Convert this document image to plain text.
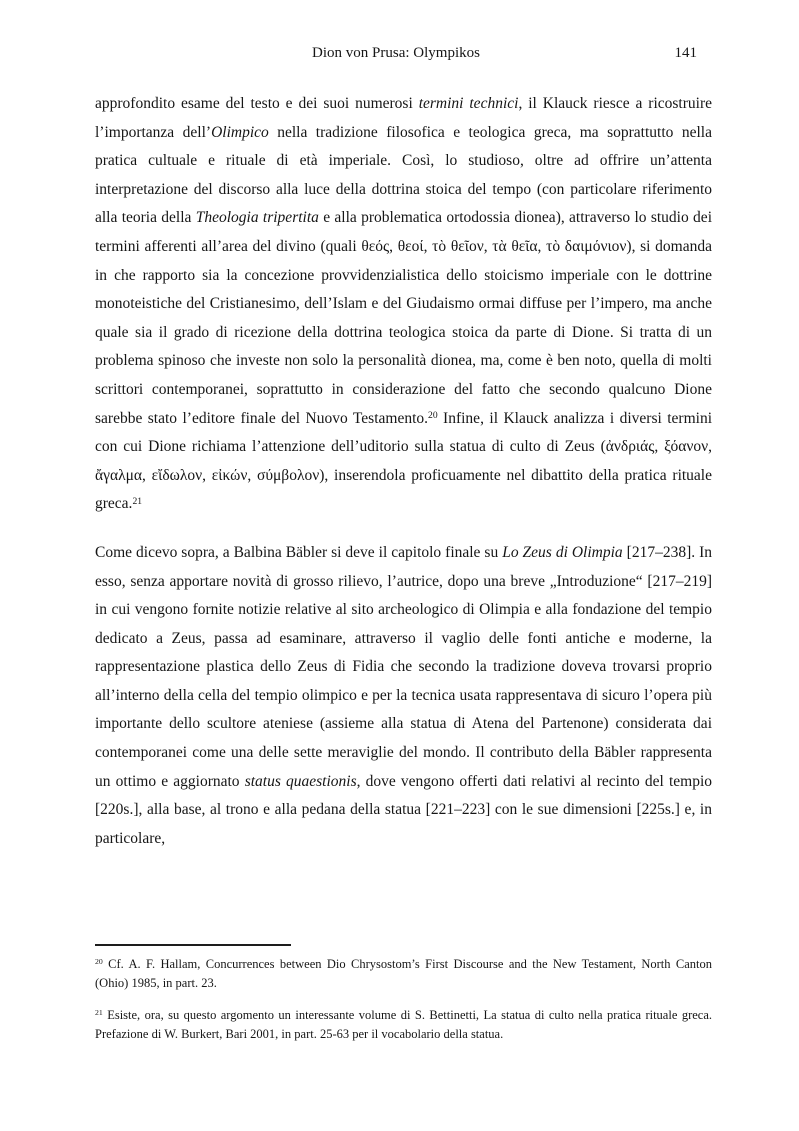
Dion von Prusa: Olympikos	141

approfondito esame del testo e dei suoi numerosi termini technici, il Klauck riesce a ricostruire l’importanza dell’Olimpico nella tradizione filosofica e teologica greca, ma soprattutto nella pratica cultuale e rituale di età imperiale. Così, lo studioso, oltre ad offrire un’attenta interpretazione del discorso alla luce della dottrina stoica del tempo (con particolare riferimento alla teoria della Theologia tripertita e alla problematica ortodossia dionea), attraverso lo studio dei termini afferenti all’area del divino (quali θεός, θεοί, τὸ θεῖον, τὰ θεῖα, τὸ δαιμόνιον), si domanda in che rapporto sia la concezione provvidenzialistica dello stoicismo imperiale con le dottrine monoteistiche del Cristianesimo, dell’Islam e del Giudaismo ormai diffuse per l’impero, ma anche quale sia il grado di ricezione della dottrina teologica stoica da parte di Dione. Si tratta di un problema spinoso che investe non solo la personalità dionea, ma, come è ben noto, quella di molti scrittori contemporanei, soprattutto in considerazione del fatto che secondo qualcuno Dione sarebbe stato l’editore finale del Nuovo Testamento.$^{20}$ Infine, il Klauck analizza i diversi termini con cui Dione richiama l’attenzione dell’uditorio sulla statua di culto di Zeus (ἀνδριάς, ξόανον, ἄγαλμα, εἴδωλον, εἰκών, σύμβολον), inserendola proficuamente nel dibattito della pratica rituale greca.$^{21}$

Come dicevo sopra, a Balbina Bäbler si deve il capitolo finale su Lo Zeus di Olimpia [217–238]. In esso, senza apportare novità di grosso rilievo, l’autrice, dopo una breve „Introduzione“ [217–219] in cui vengono fornite notizie relative al sito archeologico di Olimpia e alla fondazione del tempio dedicato a Zeus, passa ad esaminare, attraverso il vaglio delle fonti antiche e moderne, la rappresentazione plastica dello Zeus di Fidia che secondo la tradizione doveva trovarsi proprio all’interno della cella del tempio olimpico e per la tecnica usata rappresentava di sicuro l’opera più importante dello scultore ateniese (assieme alla statua di Atena del Partenone) considerata dai contemporanei come una delle sette meraviglie del mondo. Il contributo della Bäbler rappresenta un ottimo e aggiornato status quaestionis, dove vengono offerti dati relativi al recinto del tempio [220s.], alla base, al trono e alla pedana della statua [221–223] con le sue dimensioni [225s.] e, in particolare,

$^{20}$ Cf. A. F. Hallam, Concurrences between Dio Chrysostom’s First Discourse and the New Testament, North Canton (Ohio) 1985, in part. 23.

$^{21}$ Esiste, ora, su questo argomento un interessante volume di S. Bettinetti, La statua di culto nella pratica rituale greca. Prefazione di W. Burkert, Bari 2001, in part. 25-63 per il vocabolario della statua.
